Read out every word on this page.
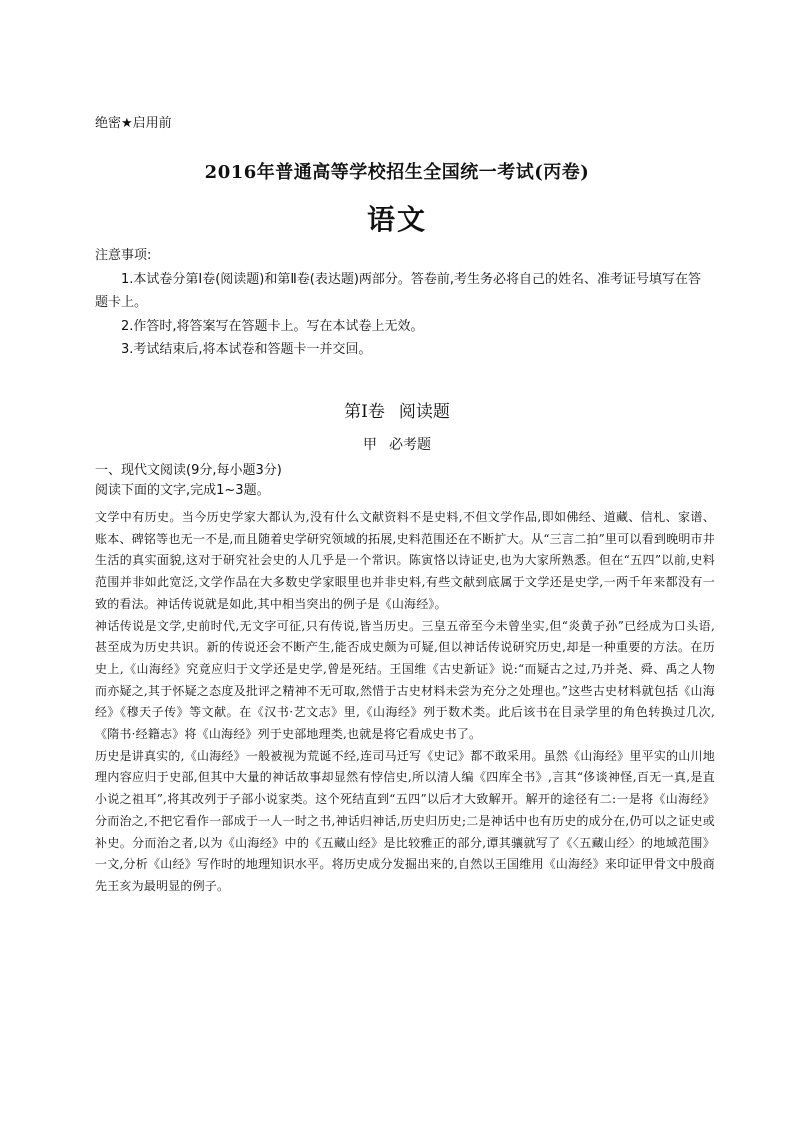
绝密★启用前
2016年普通高等学校招生全国统一考试(丙卷)
语文

注意事项:

1.本试卷分第Ⅰ卷(阅读题)和第Ⅱ卷(表达题)两部分。答卷前,考生务必将自己的姓名、准考证号填写在答题卡上。

2.作答时,将答案写在答题卡上。写在本试卷上无效。

3.考试结束后,将本试卷和答题卡一并交回。

第Ⅰ卷 阅读题
甲 必考题

一、现代文阅读(9分,每小题3分)

阅读下面的文字,完成1~3题。

文学中有历史。当今历史学家大都认为,没有什么文献资料不是史料,不但文学作品,即如佛经、道藏、信札、家谱、账本、碑铭等也无一不是,而且随着史学研究领域的拓展,史料范围还在不断扩大。从“三言二拍”里可以看到晚明市井生活的真实面貌,这对于研究社会史的人几乎是一个常识。陈寅恪以诗证史,也为大家所熟悉。但在“五四”以前,史料范围并非如此宽泛,文学作品在大多数史学家眼里也并非史料,有些文献到底属于文学还是史学,一两千年来都没有一致的看法。神话传说就是如此,其中相当突出的例子是《山海经》。

神话传说是文学,史前时代,无文字可征,只有传说,皆当历史。三皇五帝至今未曾坐实,但“炎黄子孙”已经成为口头语,甚至成为历史共识。新的传说还会不断产生,能否成史颇为可疑,但以神话传说研究历史,却是一种重要的方法。在历史上,《山海经》究竟应归于文学还是史学,曾是死结。王国维《古史新证》说:“而疑古之过,乃并尧、舜、禹之人物而亦疑之,其于怀疑之态度及批评之精神不无可取,然惜于古史材料未尝为充分之处理也。”这些古史材料就包括《山海经》《穆天子传》等文献。在《汉书·艺文志》里,《山海经》列于数术类。此后该书在目录学里的角色转换过几次,《隋书·经籍志》将《山海经》列于史部地理类,也就是将它看成史书了。

历史是讲真实的,《山海经》一般被视为荒诞不经,连司马迁写《史记》都不敢采用。虽然《山海经》里平实的山川地理内容应归于史部,但其中大量的神话故事却显然有悖信史,所以清人编《四库全书》,言其“侈谈神怪,百无一真,是直小说之祖耳”,将其改列于子部小说家类。这个死结直到“五四”以后才大致解开。解开的途径有二:一是将《山海经》分而治之,不把它看作一部成于一人一时之书,神话归神话,历史归历史;二是神话中也有历史的成分在,仍可以之证史或补史。分而治之者,以为《山海经》中的《五藏山经》是比较雅正的部分,谭其骧就写了《〈五藏山经〉的地域范围》一文,分析《山经》写作时的地理知识水平。将历史成分发掘出来的,自然以王国维用《山海经》来印证甲骨文中殷商先王亥为最明显的例子。
